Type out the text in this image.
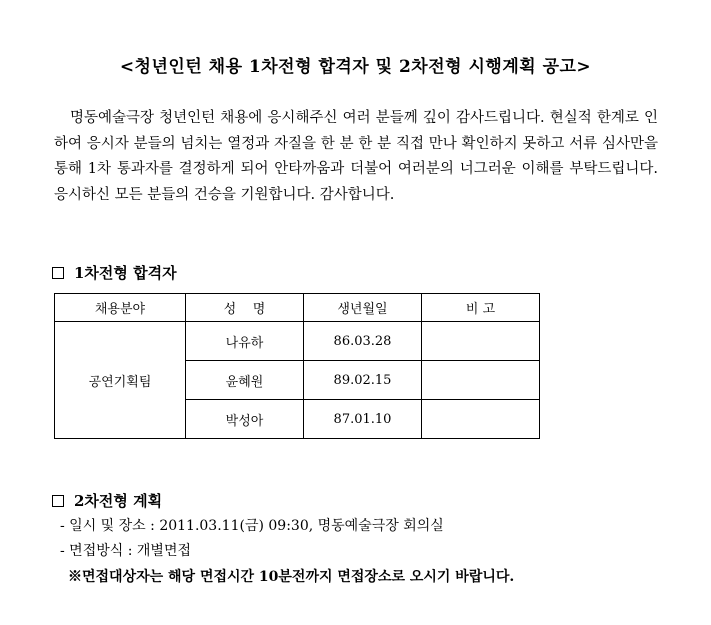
<청년인턴 채용 1차전형 합격자 및 2차전형 시행계획 공고>

명동예술극장 청년인턴 채용에 응시해주신 여러 분들께 깊이 감사드립니다. 현실적 한계로 인하여 응시자 분들의 넘치는 열정과 자질을 한 분 한 분 직접 만나 확인하지 못하고 서류 심사만을 통해 1차 통과자를 결정하게 되어 안타까움과 더불어 여러분의 너그러운 이해를 부탁드립니다. 응시하신 모든 분들의 건승을 기원합니다. 감사합니다.

1차전형 합격자
채용분야	성    명	생년월일	비 고
공연기획팀	나유하	86.03.28	
	윤혜원	89.02.15	
	박성아	87.01.10	
2차전형 계획
- 일시 및 장소 : 2011.03.11(금) 09:30, 명동예술극장 회의실
- 면접방식 : 개별면접
※면접대상자는 해당 면접시간 10분전까지 면접장소로 오시기 바랍니다.
